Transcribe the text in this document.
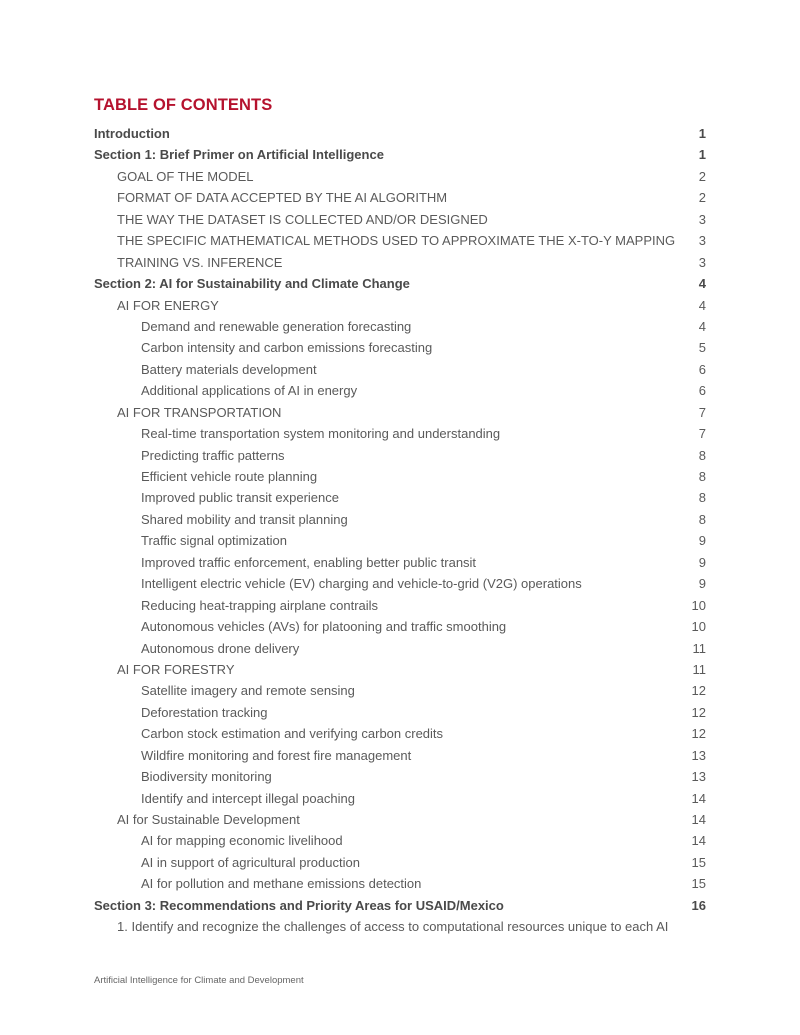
TABLE OF CONTENTS
Introduction	1
Section 1: Brief Primer on Artificial Intelligence	1
GOAL OF THE MODEL	2
FORMAT OF DATA ACCEPTED BY THE AI ALGORITHM	2
THE WAY THE DATASET IS COLLECTED AND/OR DESIGNED	3
THE SPECIFIC MATHEMATICAL METHODS USED TO APPROXIMATE THE X-TO-Y MAPPING 3
TRAINING VS. INFERENCE	3
Section 2: AI for Sustainability and Climate Change	4
AI FOR ENERGY	4
Demand and renewable generation forecasting	4
Carbon intensity and carbon emissions forecasting	5
Battery materials development	6
Additional applications of AI in energy	6
AI FOR TRANSPORTATION	7
Real-time transportation system monitoring and understanding	7
Predicting traffic patterns	8
Efficient vehicle route planning	8
Improved public transit experience	8
Shared mobility and transit planning	8
Traffic signal optimization	9
Improved traffic enforcement, enabling better public transit	9
Intelligent electric vehicle (EV) charging and vehicle-to-grid (V2G) operations	9
Reducing heat-trapping airplane contrails	10
Autonomous vehicles (AVs) for platooning and traffic smoothing	10
Autonomous drone delivery	11
AI FOR FORESTRY	11
Satellite imagery and remote sensing	12
Deforestation tracking	12
Carbon stock estimation and verifying carbon credits	12
Wildfire monitoring and forest fire management	13
Biodiversity monitoring	13
Identify and intercept illegal poaching	14
AI for Sustainable Development	14
AI for mapping economic livelihood	14
AI in support of agricultural production	15
AI for pollution and methane emissions detection	15
Section 3: Recommendations and Priority Areas for USAID/Mexico	16
1. Identify and recognize the challenges of access to computational resources unique to each AI
Artificial Intelligence for Climate and Development
